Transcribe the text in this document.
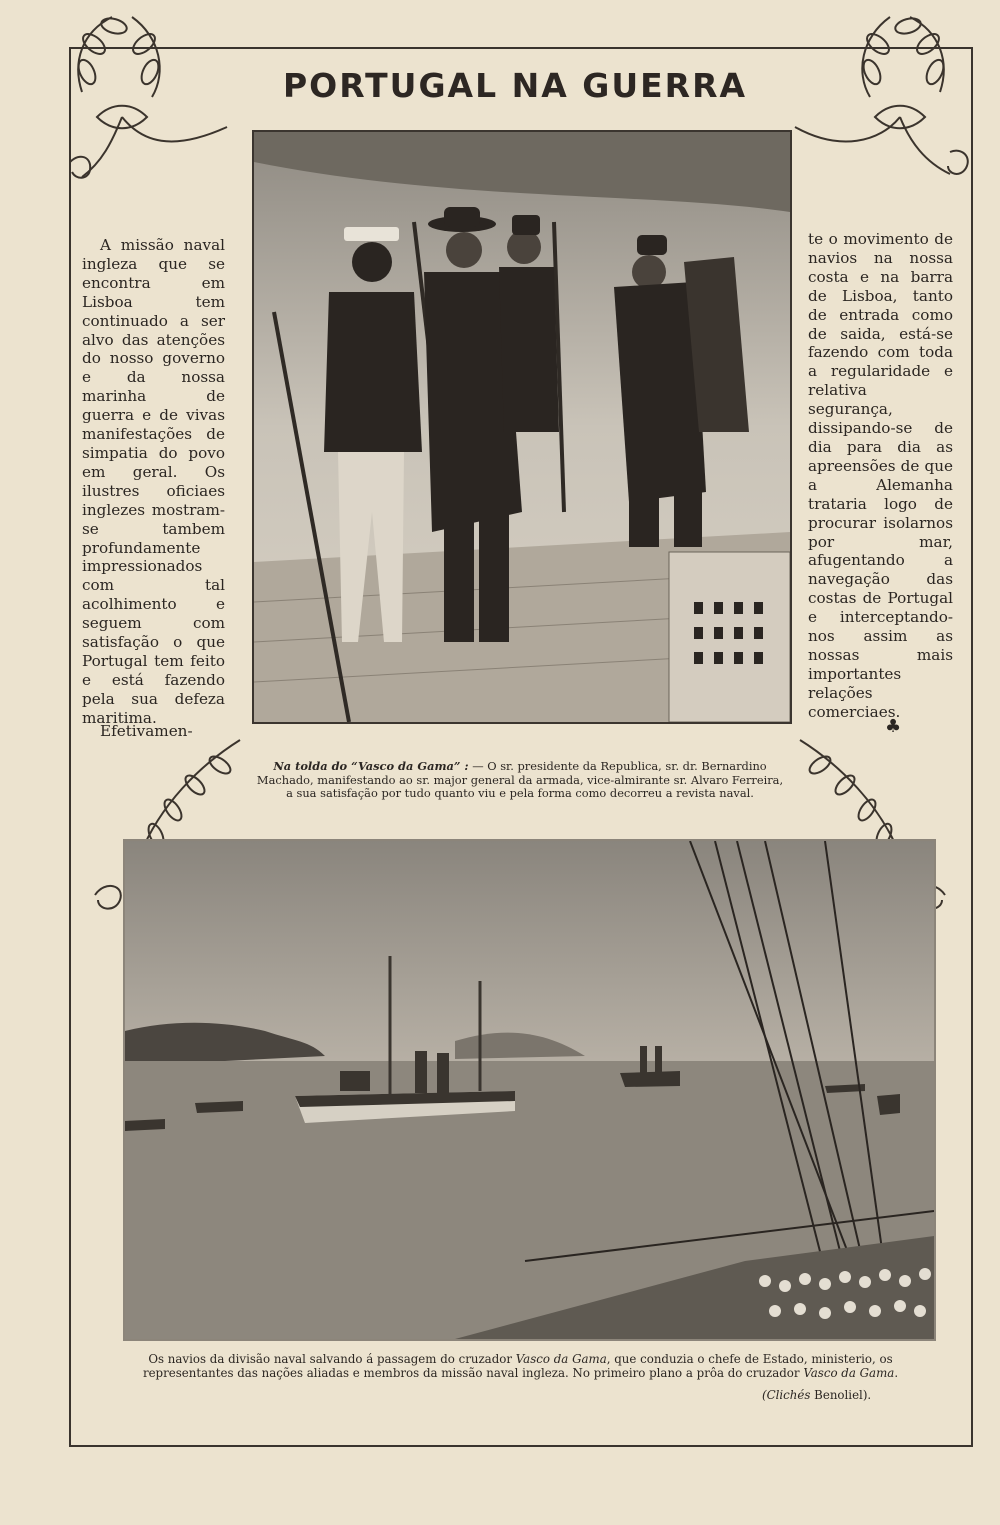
PORTUGAL NA GUERRA

A missão naval ingleza que se encontra em Lisboa tem continuado a ser alvo das atenções do nosso governo e da nossa marinha de guerra e de vivas manifestações de simpatia do povo em geral. Os ilustres oficiaes inglezes mostram-se tambem profundamente impressionados com tal acolhimento e seguem com satisfação o que Portugal tem feito e está fazendo pela sua defeza maritima.

Efetivamen-

te o movimento de navios na nossa costa e na barra de Lisboa, tanto de entrada como de saida, está-se fazendo com toda a regularidade e relativa segurança, dissipando-se de dia para dia as apreensões de que a Alemanha trataria logo de procurar isolarnos por mar, afugentando a navegação das costas de Portugal e interceptando-nos assim as nossas mais importantes relações comerciaes.

♣
Na tolda do “Vasco da Gama” : — O sr. presidente da Republica, sr. dr. Bernardino Machado, manifestando ao sr. major general da armada, vice-almirante sr. Alvaro Ferreira, a sua satisfação por tudo quanto viu e pela forma como decorreu a revista naval.
Os navios da divisão naval salvando á passagem do cruzador Vasco da Gama, que conduzia o chefe de Estado, ministerio, os representantes das nações aliadas e membros da missão naval ingleza. No primeiro plano a prôa do cruzador Vasco da Gama.
(Clichés Benoliel).
